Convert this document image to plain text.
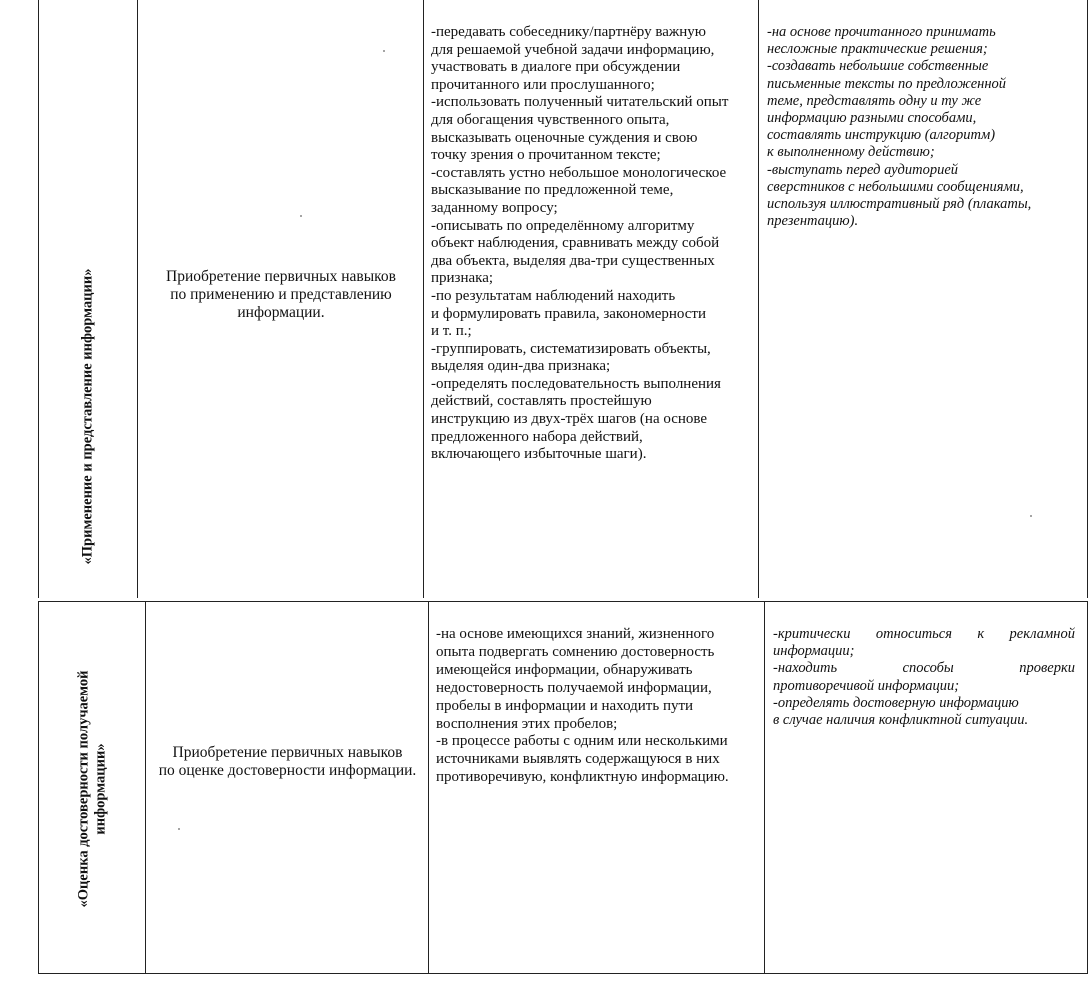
«Применение и представление информации»	Приобретение первичных навыков
по применению и представлению
информации.
-передавать собеседнику/партнёру важную
для решаемой учебной задачи информацию,
участвовать в диалоге при обсуждении
прочитанного или прослушанного;
-использовать полученный читательский опыт
для обогащения чувственного опыта,
высказывать оценочные суждения и свою
точку зрения о прочитанном тексте;
-составлять устно небольшое монологическое
высказывание по предложенной теме,
заданному вопросу;
-описывать по определённому алгоритму
объект наблюдения, сравнивать между собой
два объекта, выделяя два-три существенных
признака;
-по результатам наблюдений находить
и формулировать правила, закономерности
и т. п.;
-группировать, систематизировать объекты,
выделяя один-два признака;
-определять последовательность выполнения
действий, составлять простейшую
инструкцию из двух-трёх шагов (на основе
предложенного набора действий,
включающего избыточные шаги).
-на основе прочитанного принимать
несложные практические решения;
-создавать небольшие собственные
письменные тексты по предложенной
теме, представлять одну и ту же
информацию разными способами,
составлять инструкцию (алгоритм)
к выполненному действию;
-выступать перед аудиторией
сверстников с небольшими сообщениями,
используя иллюстративный ряд (плакаты,
презентацию).
«Оценка достоверности получаемой информации»	Приобретение первичных навыков
по оценке достоверности информации.
-на основе имеющихся знаний, жизненного
опыта подвергать сомнению достоверность
имеющейся информации, обнаруживать
недостоверность получаемой информации,
пробелы в информации и находить пути
восполнения этих пробелов;
-в процессе работы с одним или несколькими
источниками выявлять содержащуюся в них
противоречивую, конфликтную информацию.
-критически относиться к рекламной
информации;
-находить способы проверки
противоречивой информации;
-определять достоверную информацию
в случае наличия конфликтной ситуации.
